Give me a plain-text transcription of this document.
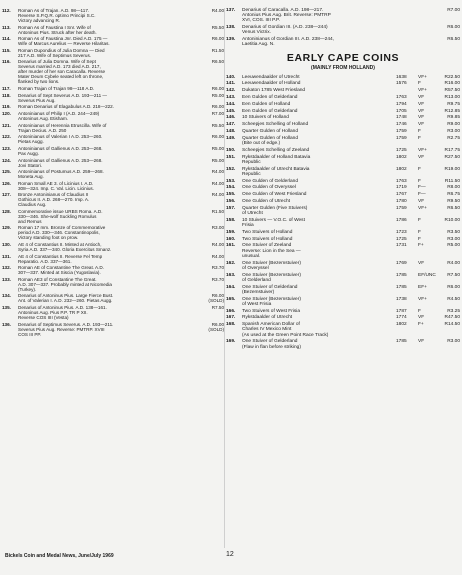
112.	Roman As of Trajan. A.D. 98—117.
Reverse S.P.Q.R. optimo Principi S.C.
Victory advancing R.
R4.00
113.	Roman As of Faustina I Snr. Wife of
Antoninus Pius. Struck after her death.
R5.50
114.	Roman As of Faustina Jnr. Died A.D. 175 —
Wife of Marcus Aurelius — Reverse Hilaritas.
R6.00
115.	Roman Dupondius of Julia Domna — Died
217 A.D. Wife of Septimus Severus.
R1.50
116.	Denarius of Julia Domna. Wife of Sept
Severus married A.D. 173 died A.D. 217,
after murder of her son Caracalla. Reverse
Mater Deum Cybele seated left on throne,
flanked by two lions.
R6.50
117.	Roman Trajan of Trajan 98—118 A.D.	R6.00
118.	Denarius of Sept Severus A.D. 193—211 —
Severus Pius Aug.
R5.00
119.	Roman Denarius of Elagabulus A.D. 218—222.	R6.00
120.	Antoninianus of Philip I (A.D. 244—249)
Antoninus Aug. Etisham.
R7.00
121.	Antoninianus of Herennia Etruscilla. Wife of
Trajan Decius. A.D. 250
R5.50
122.	Antoninianus of Valerian I A.D. 253—260.
Pietas Augg.
R6.00
123.	Antoninianus of Gallienus A.D. 253—268.
Pax Augg.
R5.00
124.	Antoninianus of Gallienus A.D. 253—268.
Jovi Statori.
R5.00
125.	Antoninianus of Postumus A.D. 259—268.
Moneta Aug.
R4.00
126.	Roman Small AE 3. of Licinius I. A.D.
308—324. Imp. C. Val. Licin. Licinius.
R4.00
127.	Bronze Antoninianus of Claudius II
Gothicus II. A.D. 268—270. Imp. A.
Claudius Aug.
R4.00
128.	Commemorative issue URBS Roma. A.D.
330—346. She-wolf Suckling Romulus
and Remus
R1.50
129.	Roman 17 mm. Bronze of Commemorative
period A.D. 330—346. Constantinopolis,
Victory standing foot on prow.
R3.00
130.	AE 4 of Constantius II. Minted at Antioch,
Syria A.D. 337—340. Gloria Exercitus Smanz.
R4.00
131.	AE 4 of Constantius II. Reverse Fel Temp
Reparatio. A.D. 337—361.
R4.00
132.	Roman AE of Constantine The Great. A.D.
307—337. Minted at Siscia (Yugoslavia).
R3.70
133.	Roman AE3 of Constantine The Great.
A.D. 307—337. Probably minted at Nicomedia
(Turkey).
R3.70
134.	Denarius of Antoninus Pius. Large Fierce Bust.
Ant. of Valerian I. A.D. 232—260. Pietas Augg.
R6.00
(SOLD)
135.	Denarius of Antoninus Pius. A.D. 138—161.
Antoninus Aug. Pius P.P. TR P XII.
Reverse COS IIII (Vesta)
R7.50
136.	Denarius of Septimus Severus. A.D. 193—211.
Severus Pius Aug. Reverse: PMTRP. XVIII
COS III PP.
R6.00
(SOLD)
137.	Denarius of Caracalla. A.D. 198—217.
Antonius Pius Aug. Brit. Reverse: PMTRP
XVI, COS. IIII P.P.
R7.00
138.	Denarius of Gordian III. (A.D. 238—244)
Venus Victrix.
R6.00
139.	Antoninianus of Gordian III. A.D. 238—244,
Laetitia Aug. N.
R6.50
EARLY CAPE COINS
(MAINLY FROM HOLLAND)
140.	Leeuwendaalder of Utrecht	1638	VF+	R22.50
141.	Leeuwendaalder of Holland	1576	F	R16.00
142.	Dukaton 1785 West Friesland	VF+	R57.50
143.	Een Gulden of Gelderland	1763	VF	R13.00
144.	Een Gulden of Holland	1794	VF	R9.75
145.	Een Gulden of Gelderland	1705	VF	R12.85
146.	10 Stuivers of Holland	1748	VF	R9.85
147.	Scheepjes Schelling of Holland	1746	VF	R9.00
148.	Quarter Gulden of Holland	1759	F	R3.00
149.	Quarter Gulden of Holland
(Bite out of edge.)
1759	F	R2.75
150.	Scheepjes Schelling of Zeeland	1725	VF+	R17.75
151.	Rykstdaalder of Holland Batavia
Republic
1802	VF	R27.50
152.	Rykstdaalder of Utrecht Batavia
Republic
1802	F	R19.00
153.	One Gulden of Gelderland	1763	F	R11.50
154.	One Gulden of Overyssel	1719	F—	R8.00
155.	One Gulden of West Friesland	1767	F—	R6.75
156.	One Gulden of Utrecht	1780	VF	R9.50
157.	Quarter Gulden (Five Stuivers)
of Utrecht
1759	VF+	R6.50
158.	10 Stuivers — V.O.C. of West
Frisia
1786	F	R10.00
159.	Two Stuivers of Holland	1723	F	R3.50
160.	Two Stuivers of Holland	1725	F	R3.00
161.	One Stuiver of Zeeland
Reverse: Lion in the Sea —
unusual.
1731	F+	R5.00
162.	One Stuiver (Bezemstuiver)
of Overyssel
1769	VF	R4.00
163.	One Stuiver (Bezemstuiver)
of Gelderland
1785	EF/UNC	R7.50
164.	One Stuiver of Gelderland
(Bezemstuiver)
1785	EF+	R6.00
165.	One Stuiver (Bezemstuiver)
of West Frisia
1738	VF+	R4.50
166.	Two Stuivers of West Frisia	1787	F	R3.25
167.	Rykstdaalder of Utrecht	1774	VF	R47.50
168.	Spanish American Dollar of
Charles IV Mexico Mint
(As used at the Green Point Race Track)
1802	F+	R14.50
169.	One Stuiver of Gelderland
(Flaw in flan before striking)
1785	VF	R3.00
Bickels Coin and Medal News, June/July 1969	12
